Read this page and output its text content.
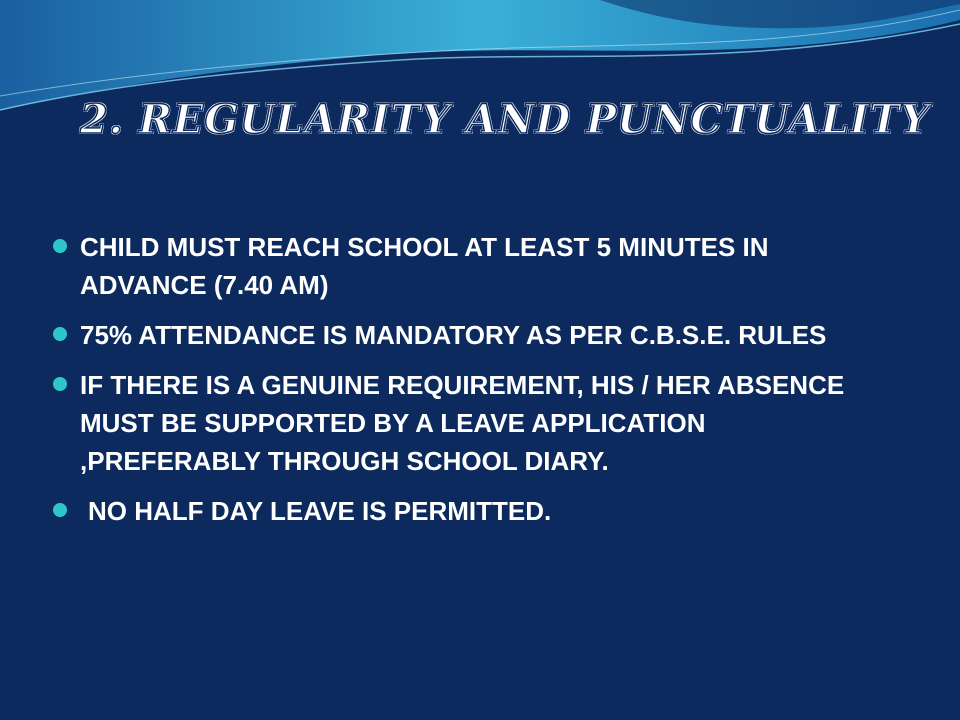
2. REGULARITY AND PUNCTUALITY
CHILD MUST REACH SCHOOL AT LEAST 5 MINUTES IN ADVANCE (7.40 AM)
75% ATTENDANCE IS MANDATORY AS PER C.B.S.E. RULES
IF THERE IS A GENUINE REQUIREMENT, HIS / HER ABSENCE MUST BE SUPPORTED BY A LEAVE APPLICATION ,PREFERABLY THROUGH SCHOOL DIARY.
NO HALF DAY LEAVE IS PERMITTED.
